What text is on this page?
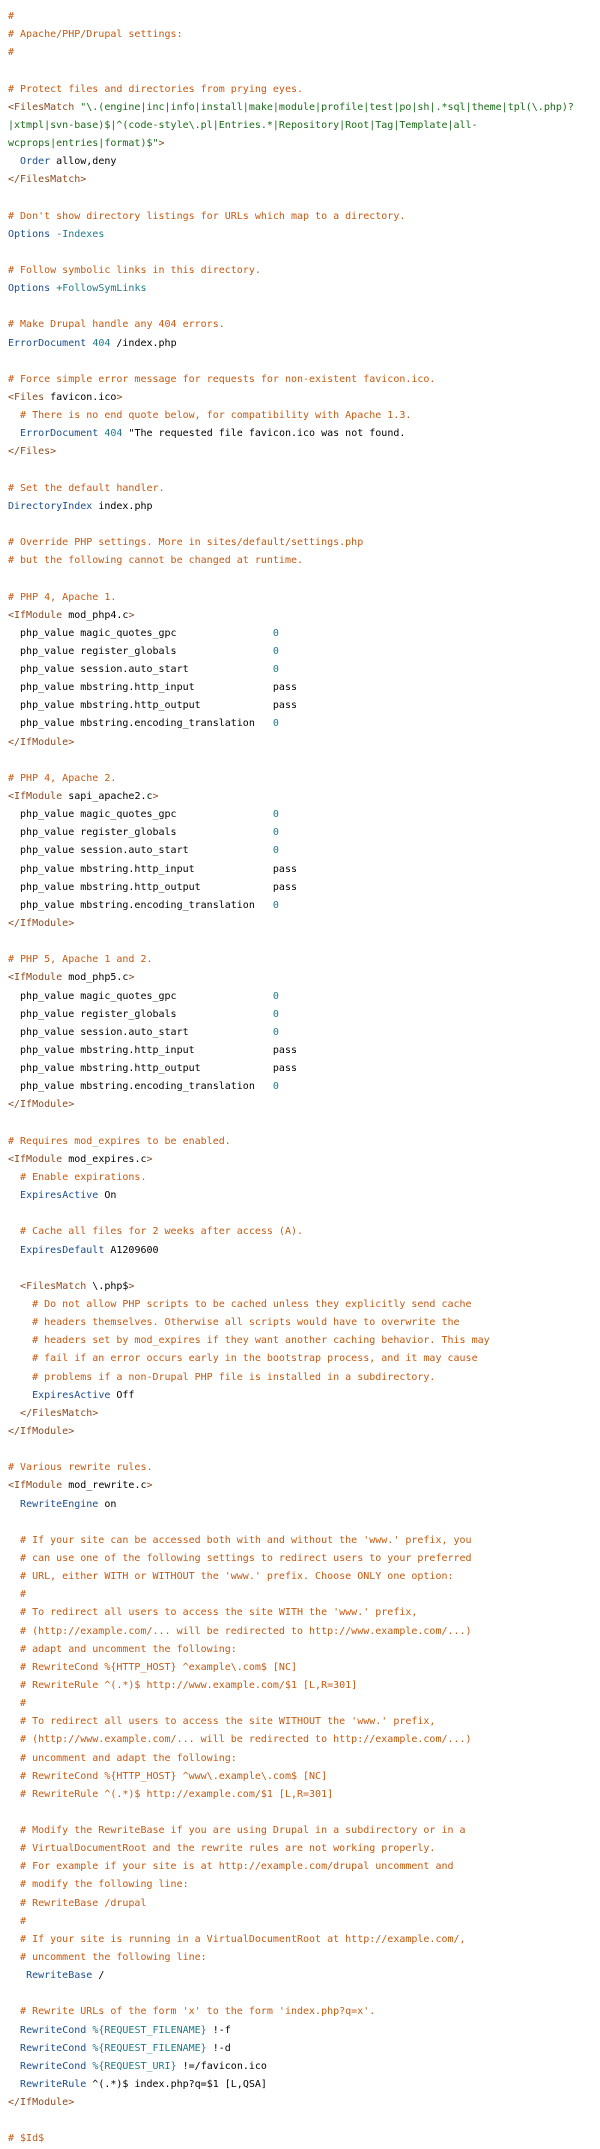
#
# Apache/PHP/Drupal settings:
#

# Protect files and directories from prying eyes.
<FilesMatch "\.(engine|inc|info|install|make|module|profile|test|po|sh|.*sql|theme|tpl(\.php)?
|xtmpl|svn-base)$|^(code-style\.pl|Entries.*|Repository|Root|Tag|Template|all-
wcprops|entries|format)$">
Order allow,deny
</FilesMatch>

# Don't show directory listings for URLs which map to a directory.
Options -Indexes

# Follow symbolic links in this directory.
Options +FollowSymLinks

# Make Drupal handle any 404 errors.
ErrorDocument 404 /index.php

# Force simple error message for requests for non-existent favicon.ico.
<Files favicon.ico>
# There is no end quote below, for compatibility with Apache 1.3.
ErrorDocument 404 "The requested file favicon.ico was not found.
</Files>

# Set the default handler.
DirectoryIndex index.php

# Override PHP settings. More in sites/default/settings.php
# but the following cannot be changed at runtime.

# PHP 4, Apache 1.
<IfModule mod_php4.c>
php_value magic_quotes_gpc                0
php_value register_globals                0
php_value session.auto_start              0
php_value mbstring.http_input             pass
php_value mbstring.http_output            pass
php_value mbstring.encoding_translation   0
</IfModule>

# PHP 4, Apache 2.
<IfModule sapi_apache2.c>
php_value magic_quotes_gpc                0
php_value register_globals                0
php_value session.auto_start              0
php_value mbstring.http_input             pass
php_value mbstring.http_output            pass
php_value mbstring.encoding_translation   0
</IfModule>

# PHP 5, Apache 1 and 2.
<IfModule mod_php5.c>
php_value magic_quotes_gpc                0
php_value register_globals                0
php_value session.auto_start              0
php_value mbstring.http_input             pass
php_value mbstring.http_output            pass
php_value mbstring.encoding_translation   0
</IfModule>

# Requires mod_expires to be enabled.
<IfModule mod_expires.c>
# Enable expirations.
ExpiresActive On

# Cache all files for 2 weeks after access (A).
ExpiresDefault A1209600

<FilesMatch \.php$>
# Do not allow PHP scripts to be cached unless they explicitly send cache
# headers themselves. Otherwise all scripts would have to overwrite the
# headers set by mod_expires if they want another caching behavior. This may
# fail if an error occurs early in the bootstrap process, and it may cause
# problems if a non-Drupal PHP file is installed in a subdirectory.
ExpiresActive Off
</FilesMatch>
</IfModule>

# Various rewrite rules.
<IfModule mod_rewrite.c>
RewriteEngine on

# If your site can be accessed both with and without the 'www.' prefix, you
# can use one of the following settings to redirect users to your preferred
# URL, either WITH or WITHOUT the 'www.' prefix. Choose ONLY one option:
#
# To redirect all users to access the site WITH the 'www.' prefix,
# (http://example.com/... will be redirected to http://www.example.com/...)
# adapt and uncomment the following:
# RewriteCond %{HTTP_HOST} ^example\.com$ [NC]
# RewriteRule ^(.*)$ http://www.example.com/$1 [L,R=301]
#
# To redirect all users to access the site WITHOUT the 'www.' prefix,
# (http://www.example.com/... will be redirected to http://example.com/...)
# uncomment and adapt the following:
# RewriteCond %{HTTP_HOST} ^www\.example\.com$ [NC]
# RewriteRule ^(.*)$ http://example.com/$1 [L,R=301]

# Modify the RewriteBase if you are using Drupal in a subdirectory or in a
# VirtualDocumentRoot and the rewrite rules are not working properly.
# For example if your site is at http://example.com/drupal uncomment and
# modify the following line:
# RewriteBase /drupal
#
# If your site is running in a VirtualDocumentRoot at http://example.com/,
# uncomment the following line:
RewriteBase /

# Rewrite URLs of the form 'x' to the form 'index.php?q=x'.
RewriteCond %{REQUEST_FILENAME} !-f
RewriteCond %{REQUEST_FILENAME} !-d
RewriteCond %{REQUEST_URI} !=/favicon.ico
RewriteRule ^(.*)$ index.php?q=$1 [L,QSA]
</IfModule>

# $Id$
